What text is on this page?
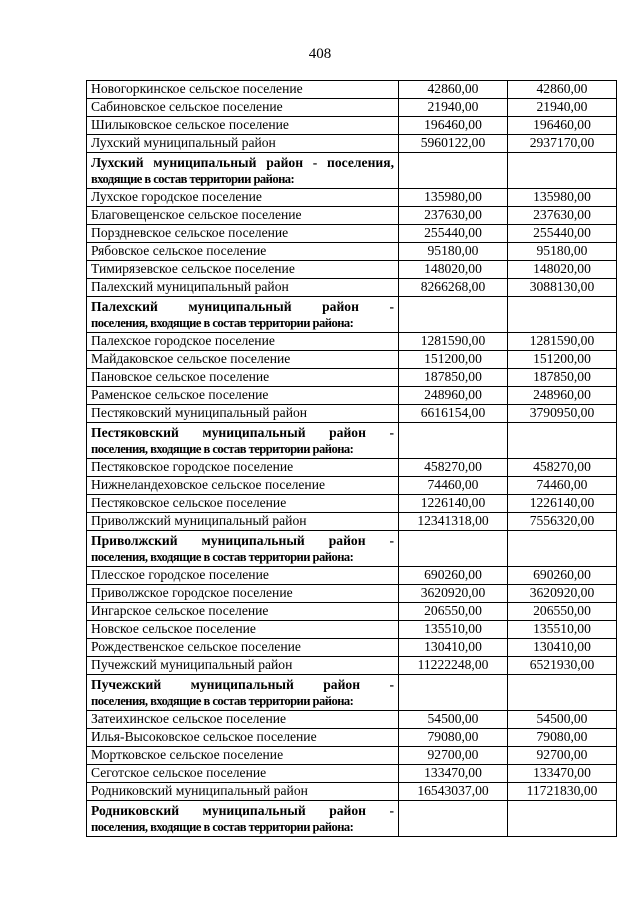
408
Новогоркинское сельское поселение	42860,00	42860,00
Сабиновское сельское поселение	21940,00	21940,00
Шилыковское сельское поселение	196460,00	196460,00
Лухский муниципальный район	5960122,00	2937170,00

Лухский муниципальный район - поселения,
входящие в состав территории района:		

Лухское городское поселение	135980,00	135980,00
Благовещенское сельское поселение	237630,00	237630,00
Порздневское сельское поселение	255440,00	255440,00
Рябовское сельское поселение	95180,00	95180,00
Тимирязевское сельское поселение	148020,00	148020,00
Палехский муниципальный район	8266268,00	3088130,00

Палехский муниципальный район -
поселения, входящие в состав территории района:		

Палехское городское поселение	1281590,00	1281590,00
Майдаковское сельское поселение	151200,00	151200,00
Пановское сельское поселение	187850,00	187850,00
Раменское сельское поселение	248960,00	248960,00
Пестяковский муниципальный район	6616154,00	3790950,00

Пестяковский муниципальный район -
поселения, входящие в состав территории района:		

Пестяковское городское поселение	458270,00	458270,00
Нижнеландеховское сельское поселение	74460,00	74460,00
Пестяковское сельское поселение	1226140,00	1226140,00
Приволжский муниципальный район	12341318,00	7556320,00

Приволжский муниципальный район -
поселения, входящие в состав территории района:		

Плесское городское поселение	690260,00	690260,00
Приволжское городское поселение	3620920,00	3620920,00
Ингарское сельское поселение	206550,00	206550,00
Новское сельское поселение	135510,00	135510,00
Рождественское сельское поселение	130410,00	130410,00
Пучежский муниципальный район	11222248,00	6521930,00

Пучежский муниципальный район -
поселения, входящие в состав территории района:		

Затеихинское сельское поселение	54500,00	54500,00
Илья-Высоковское сельское поселение	79080,00	79080,00
Мортковское сельское поселение	92700,00	92700,00
Сеготское сельское поселение	133470,00	133470,00
Родниковский муниципальный район	16543037,00	11721830,00

Родниковский муниципальный район -
поселения, входящие в состав территории района:		
